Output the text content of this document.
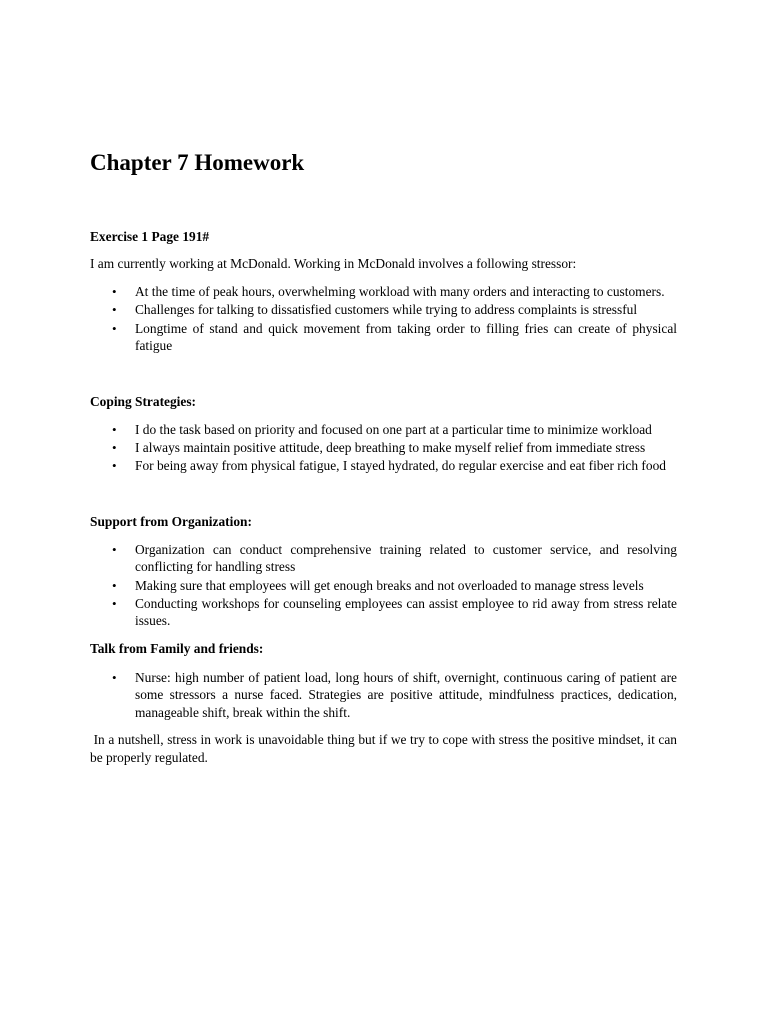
Chapter 7 Homework
Exercise 1 Page 191#

I am currently working at McDonald. Working in McDonald involves a following stressor:

• At the time of peak hours, overwhelming workload with many orders and interacting to customers.
• Challenges for talking to dissatisfied customers while trying to address complaints is stressful
• Longtime of stand and quick movement from taking order to filling fries can create of physical fatigue
Coping Strategies:
• I do the task based on priority and focused on one part at a particular time to minimize workload
• I always maintain positive attitude, deep breathing to make myself relief from immediate stress
• For being away from physical fatigue, I stayed hydrated, do regular exercise and eat fiber rich food
Support from Organization:
• Organization can conduct comprehensive training related to customer service, and resolving conflicting for handling stress
• Making sure that employees will get enough breaks and not overloaded to manage stress levels
• Conducting workshops for counseling employees can assist employee to rid away from stress relate issues.
Talk from Family and friends:
• Nurse: high number of patient load, long hours of shift, overnight, continuous caring of patient are some stressors a nurse faced. Strategies are positive attitude, mindfulness practices, dedication, manageable shift, break within the shift.

In a nutshell, stress in work is unavoidable thing but if we try to cope with stress the positive mindset, it can be properly regulated.
